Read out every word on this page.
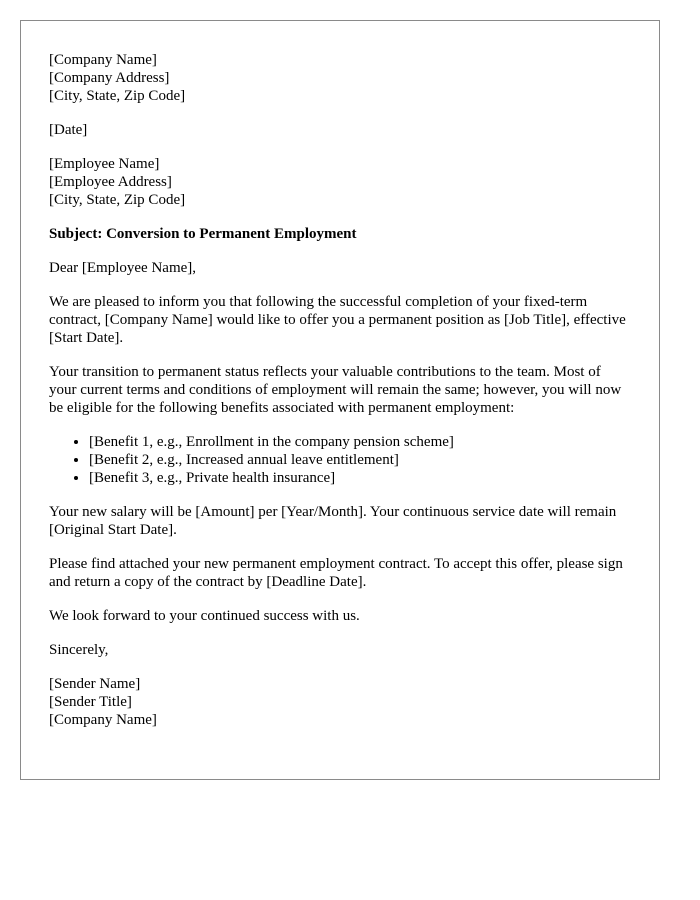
[Company Name]
[Company Address]
[City, State, Zip Code]
[Date]
[Employee Name]
[Employee Address]
[City, State, Zip Code]

Subject: Conversion to Permanent Employment

Dear [Employee Name],

We are pleased to inform you that following the successful completion of your fixed-term contract, [Company Name] would like to offer you a permanent position as [Job Title], effective [Start Date].

Your transition to permanent status reflects your valuable contributions to the team. Most of your current terms and conditions of employment will remain the same; however, you will now be eligible for the following benefits associated with permanent employment:

• [Benefit 1, e.g., Enrollment in the company pension scheme]
• [Benefit 2, e.g., Increased annual leave entitlement]
• [Benefit 3, e.g., Private health insurance]

Your new salary will be [Amount] per [Year/Month]. Your continuous service date will remain [Original Start Date].

Please find attached your new permanent employment contract. To accept this offer, please sign and return a copy of the contract by [Deadline Date].

We look forward to your continued success with us.

Sincerely,

[Sender Name]
[Sender Title]
[Company Name]
